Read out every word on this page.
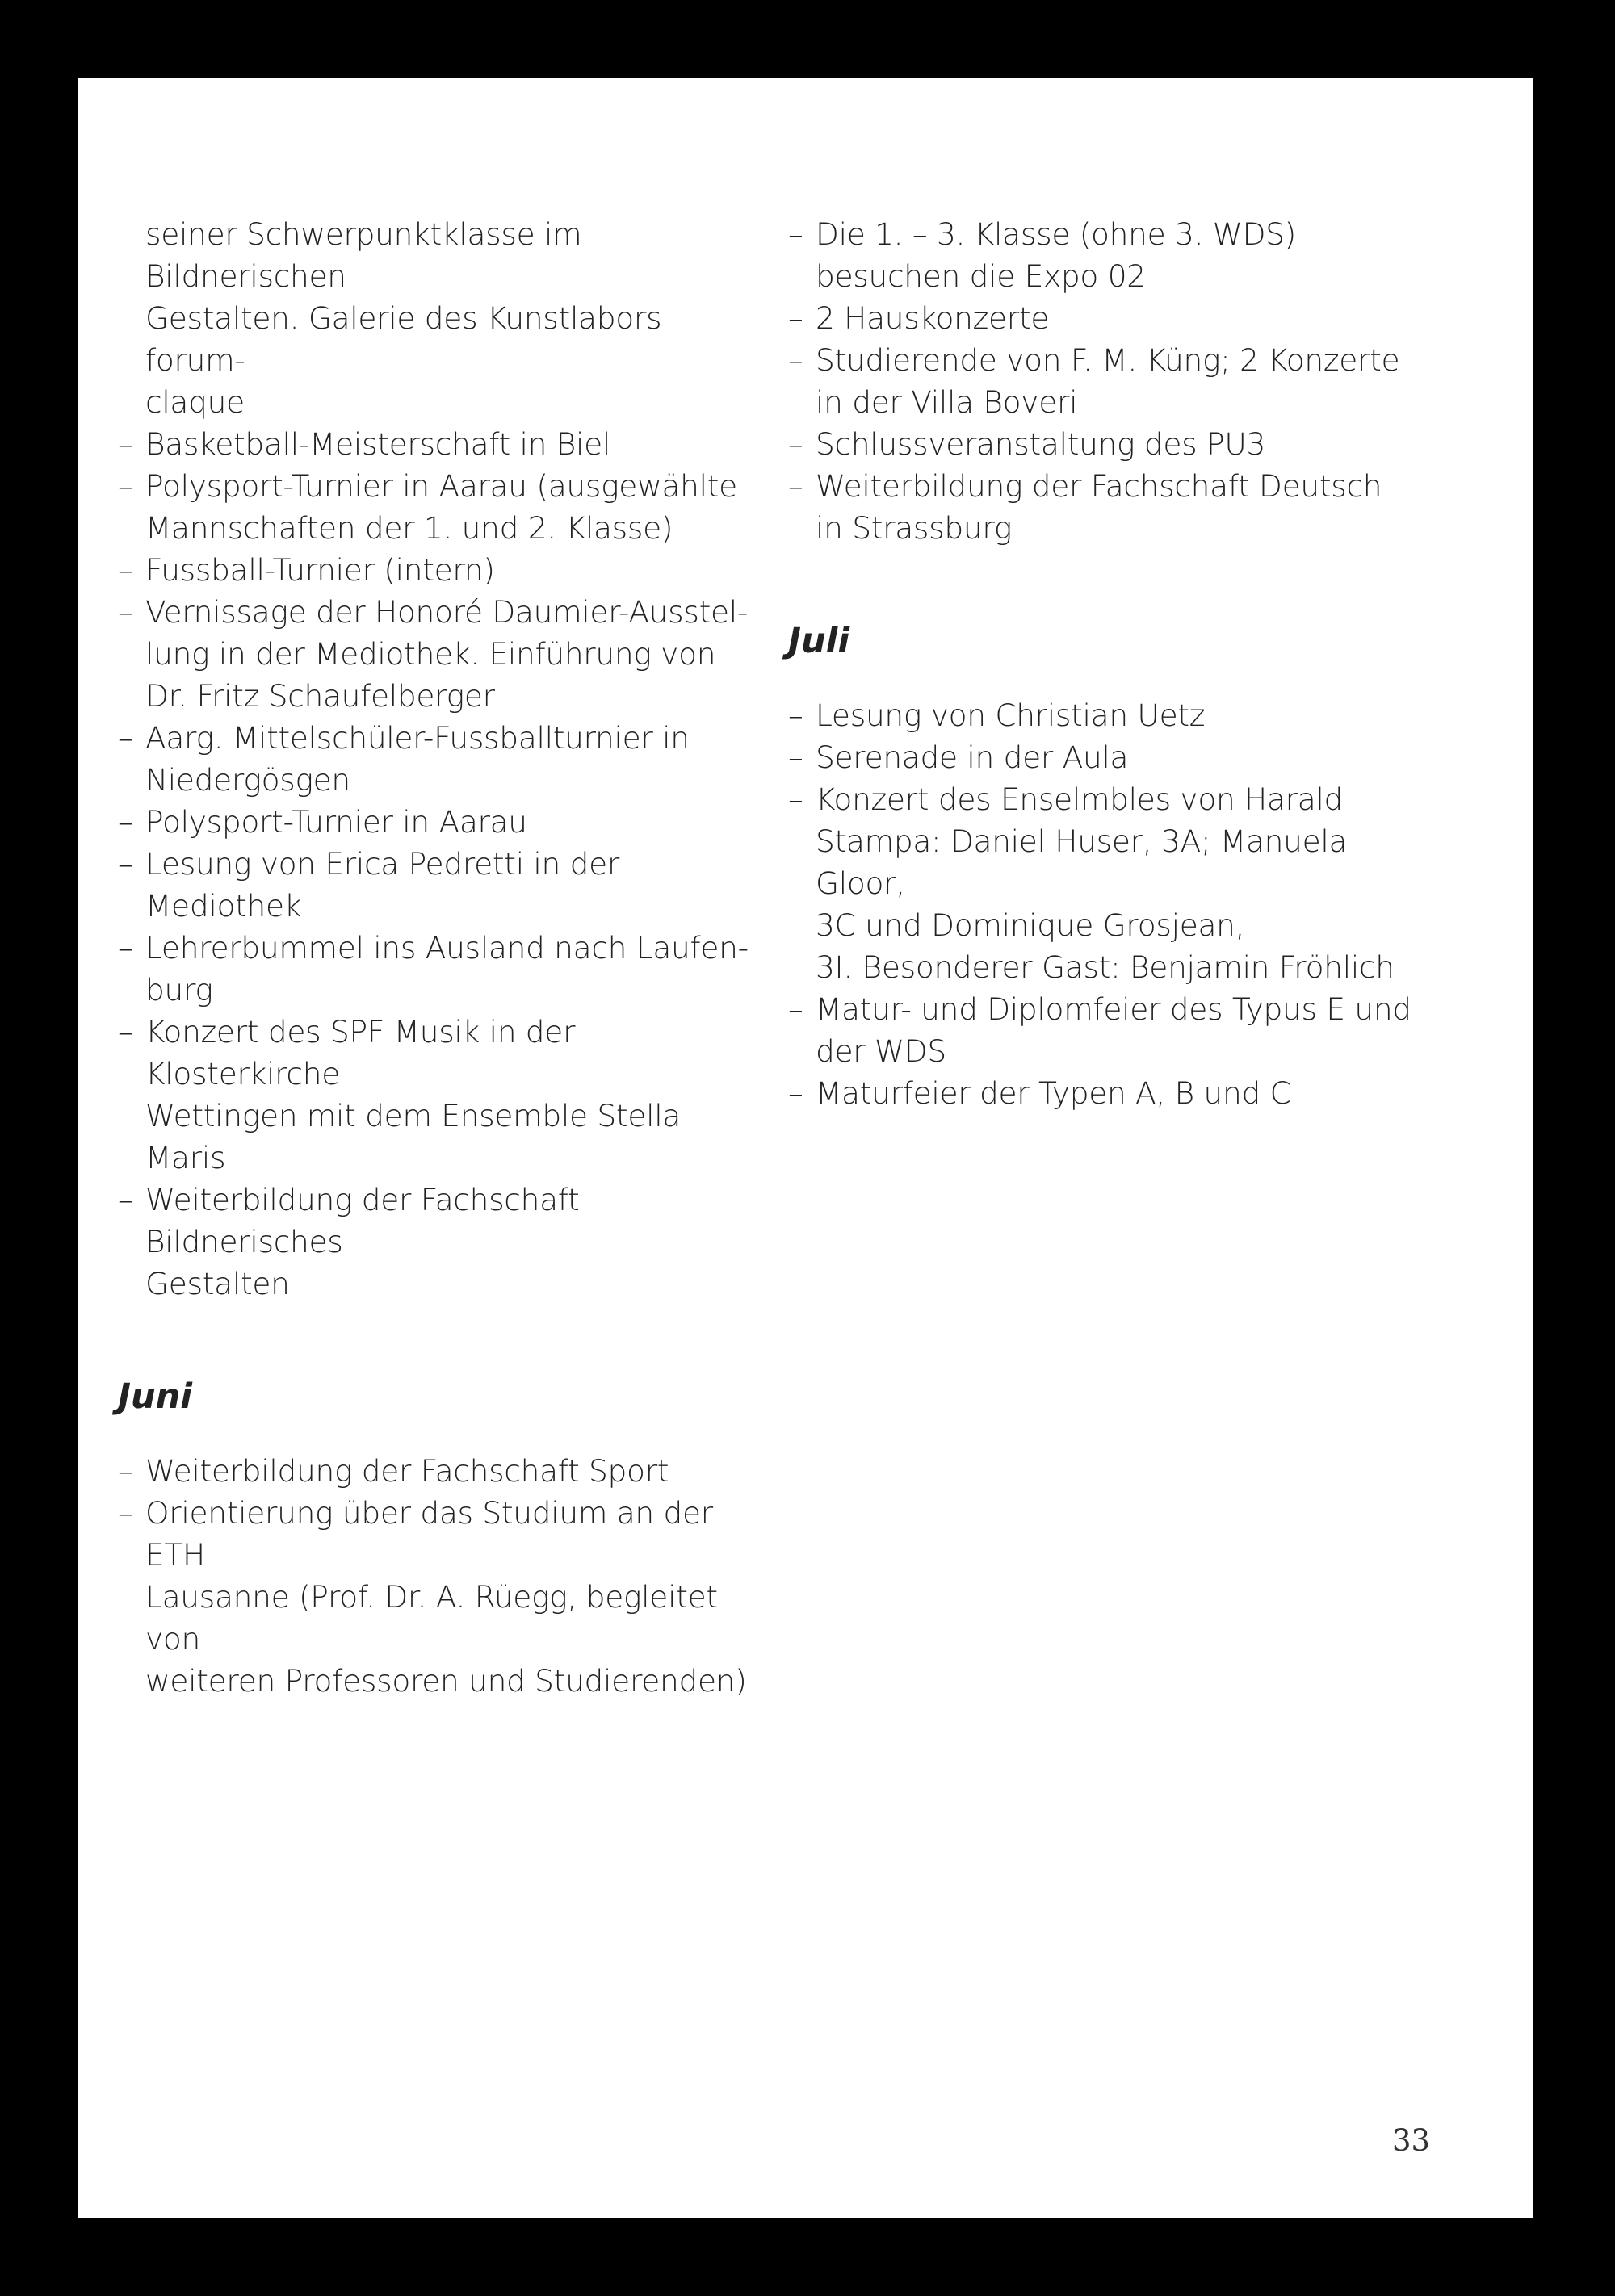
seiner Schwerpunktklasse im Bildnerischen
Gestalten. Galerie des Kunstlabors forum-
claque
– Basketball-Meisterschaft in Biel
– Polysport-Turnier in Aarau (ausgewählte
Mannschaften der 1. und 2. Klasse)
– Fussball-Turnier (intern)
– Vernissage der Honoré Daumier-Ausstel-
lung in der Mediothek. Einführung von
Dr. Fritz Schaufelberger
– Aarg. Mittelschüler-Fussballturnier in
Niedergösgen
– Polysport-Turnier in Aarau
– Lesung von Erica Pedretti in der Mediothek
– Lehrerbummel ins Ausland nach Laufen-
burg
– Konzert des SPF Musik in der Klosterkirche
Wettingen mit dem Ensemble Stella Maris
– Weiterbildung der Fachschaft Bildnerisches
Gestalten
Juni
– Weiterbildung der Fachschaft Sport
– Orientierung über das Studium an der ETH
Lausanne (Prof. Dr. A. Rüegg, begleitet von
weiteren Professoren und Studierenden)
– Die 1. – 3. Klasse (ohne 3. WDS)
besuchen die Expo 02
– 2 Hauskonzerte
– Studierende von F. M. Küng; 2 Konzerte
in der Villa Boveri
– Schlussveranstaltung des PU3
– Weiterbildung der Fachschaft Deutsch
in Strassburg
Juli
– Lesung von Christian Uetz
– Serenade in der Aula
– Konzert des Enselmbles von Harald
Stampa: Daniel Huser, 3A; Manuela Gloor,
3C und Dominique Grosjean,
3I. Besonderer Gast: Benjamin Fröhlich
– Matur- und Diplomfeier des Typus E und
der WDS
– Maturfeier der Typen A, B und C
33
